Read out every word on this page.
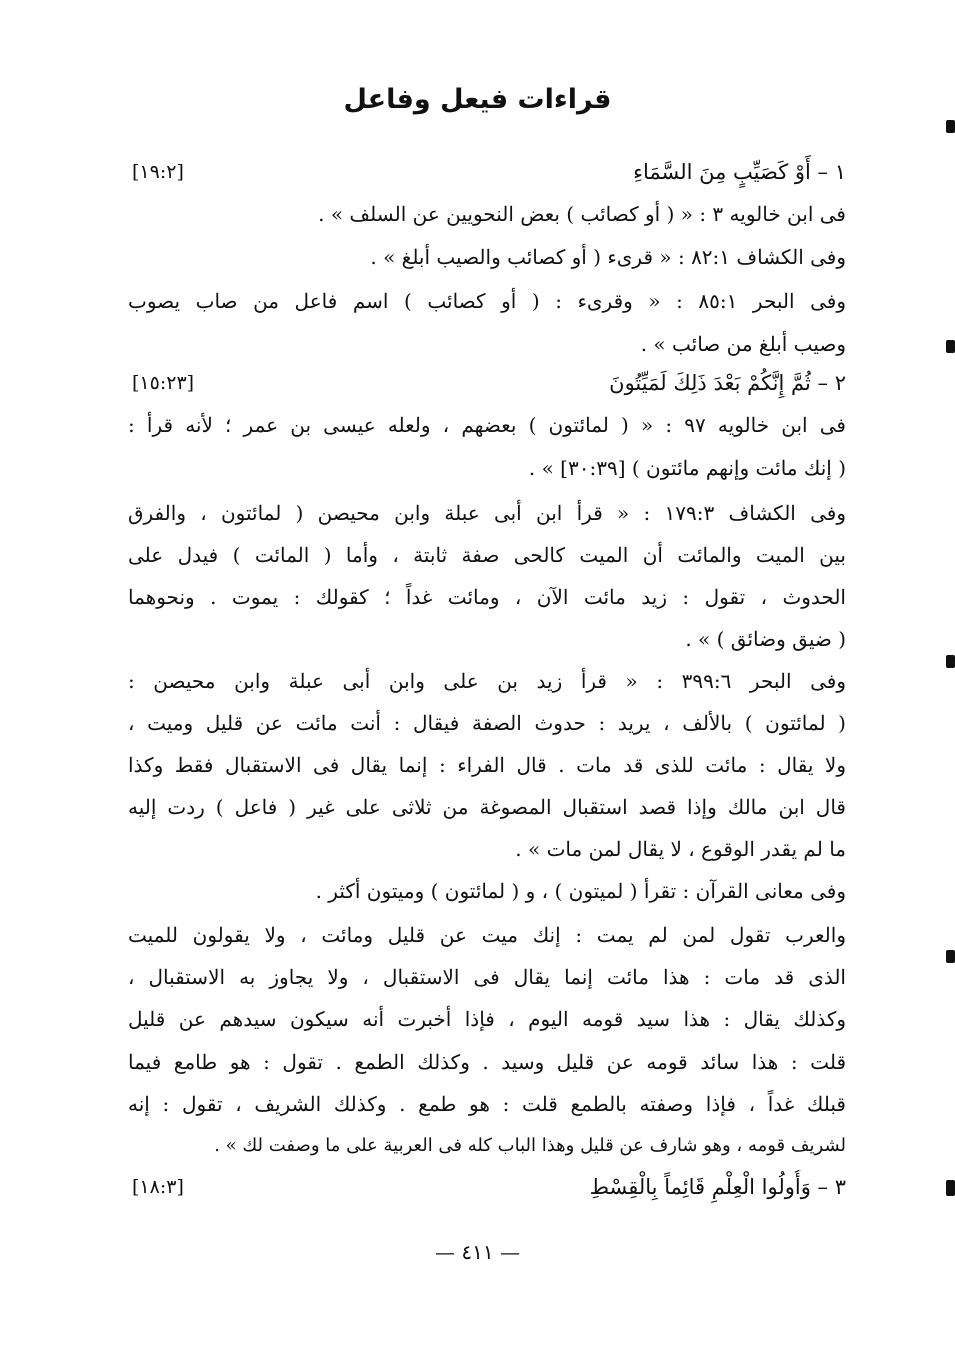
قراءات فيعل وفاعل
١ – أَوْ كَصَيِّبٍ مِنَ السَّمَاءِ
[١٩:٢]
فى ابن خالويه ٣ : « ( أو كصائب ) بعض النحويين عن السلف » .
وفى الكشاف ٨٢:١ : « قرىء ( أو كصائب والصيب أبلغ » .
وفى البحر ٨٥:١ : « وقرىء : ( أو كصائب ) اسم فاعل من صاب يصوب
وصيب أبلغ من صائب » .
٢ – ثُمَّ إِنَّكُمْ بَعْدَ ذَلِكَ لَمَيِّتُونَ
[١٥:٢٣]
فى ابن خالويه ٩٧ : « ( لمائتون ) بعضهم ، ولعله عيسى بن عمر ؛ لأنه قرأ :
( إنك مائت وإنهم مائتون ) [٣٠:٣٩] » .
وفى الكشاف ١٧٩:٣ : « قرأ ابن أبى عبلة وابن محيصن ( لمائتون ، والفرق
بين الميت والمائت أن الميت كالحى صفة ثابتة ، وأما ( المائت ) فيدل على
الحدوث ، تقول : زيد مائت الآن ، ومائت غداً ؛ كقولك : يموت . ونحوهما
( ضيق وضائق ) » .
وفى البحر ٣٩٩:٦ : « قرأ زيد بن على وابن أبى عبلة وابن محيصن :
( لمائتون ) بالألف ، يريد : حدوث الصفة فيقال : أنت مائت عن قليل وميت ،
ولا يقال : مائت للذى قد مات . قال الفراء : إنما يقال فى الاستقبال فقط وكذا
قال ابن مالك وإذا قصد استقبال المصوغة من ثلاثى على غير ( فاعل ) ردت إليه
ما لم يقدر الوقوع ، لا يقال لمن مات » .
وفى معانى القرآن : تقرأ ( لميتون ) ، و ( لمائتون ) وميتون أكثر .
والعرب تقول لمن لم يمت : إنك ميت عن قليل ومائت ، ولا يقولون للميت
الذى قد مات : هذا مائت إنما يقال فى الاستقبال ، ولا يجاوز به الاستقبال ،
وكذلك يقال : هذا سيد قومه اليوم ، فإذا أخبرت أنه سيكون سيدهم عن قليل
قلت : هذا سائد قومه عن قليل وسيد . وكذلك الطمع . تقول : هو طامع فيما
قبلك غداً ، فإذا وصفته بالطمع قلت : هو طمع . وكذلك الشريف ، تقول : إنه
لشريف قومه ، وهو شارف عن قليل وهذا الباب كله فى العربية على ما وصفت لك » .
٣ – وَأُولُوا الْعِلْمِ قَائِماً بِالْقِسْطِ
[١٨:٣]
— ٤١١ —
